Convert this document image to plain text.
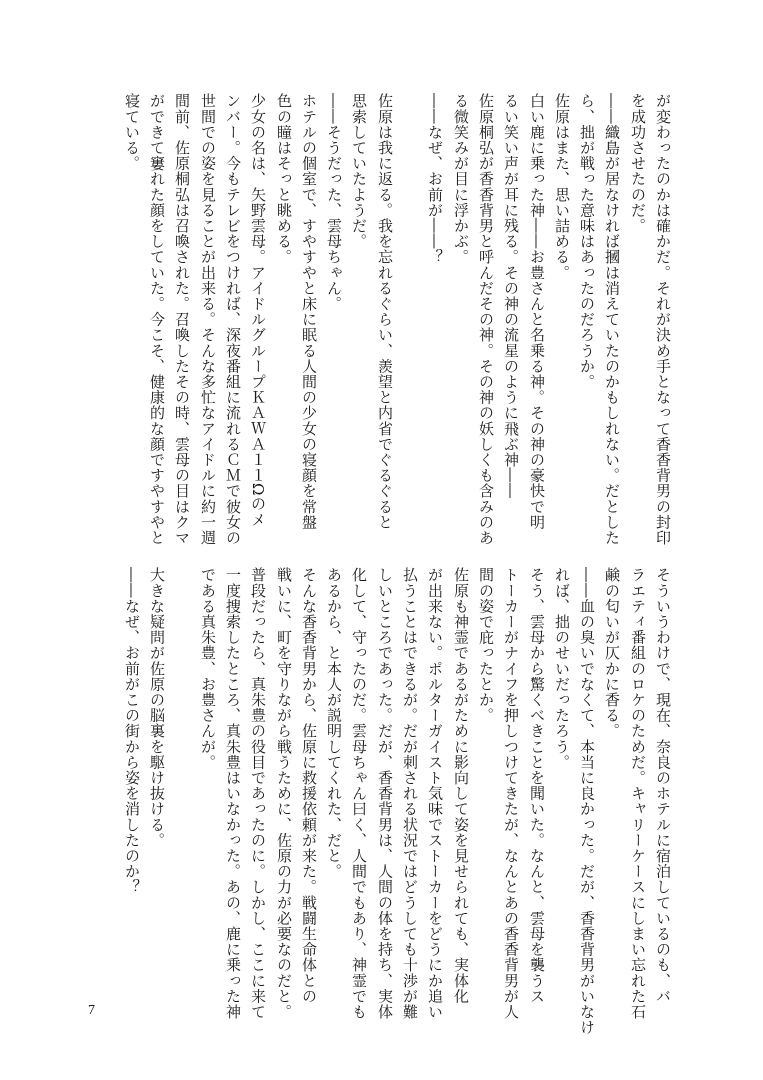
7
が変わったのかは確かだ。それが決め手となって香香背男の封印
を成功させたのだ。
――織島が居なければ摑は消えていたのかもしれない。だとした
ら、拙が戦った意味はあったのだろうか。
佐原はまた、思い詰める。
白い鹿に乗った神――お豊さんと名乗る神。その神の豪快で明
るい笑い声が耳に残る。その神の流星のように飛ぶ神――
佐原桐弘が香香背男と呼んだその神。その神の妖しくも含みのあ
る微笑みが目に浮かぶ。
――なぜ、お前が――？
佐原は我に返る。我を忘れるぐらい、羨望と内省でぐるぐると
思索していたようだ。
――そうだった、雲母ちゃん。
ホテルの個室で、すやすやと床に眠る人間の少女の寝顔を常盤
色の瞳はそっと眺める。
少女の名は、矢野雲母。アイドルグループＫＡＷＡ１１Ωのメ
ンバー。今もテレビをつければ、深夜番組に流れるＣＭで彼女の
世間での姿を見ることが出来る。そんな多忙なアイドルに約一週
間前、佐原桐弘は召喚された。召喚したその時、雲母の目はクマ
ができて窶れた顔をしていた。今こそ、健康的な顔ですやすやと
寝ている。
そういうわけで、現在、奈良のホテルに宿泊しているのも、バ
ラエティ番組のロケのためだ。キャリーケースにしまい忘れた石
鹸の匂いが仄かに香る。
――血の臭いでなくて、本当に良かった。だが、香香背男がいなけ
れば、拙のせいだったろう。
そう、雲母から驚くべきことを聞いた。なんと、雲母を襲うス
トーカーがナイフを押しつけてきたが、なんとあの香香背男が人
間の姿で庇ったとか。
佐原も神霊であるがために影向して姿を見せられても、実体化
が出来ない。ポルターガイスト気味でストーカーをどうにか追い
払うことはできるが。だが刺される状況ではどうしても十渉が難
しいところであった。だが、香香背男は、人間の体を持ち、実体
化して、守ったのだ。雲母ちゃん曰く、人間でもあり、神霊でも
あるから、と本人が説明してくれた、だと。
そんな香香背男から、佐原に救援依頼が来た。戦闘生命体との
戦いに、町を守りながら戦うために、佐原の力が必要なのだと。
普段だったら、真朱豊の役目であったのに。しかし、ここに来て
一度捜索したところ、真朱豊はいなかった。あの、鹿に乗った神
である真朱豊、お豊さんが。
大きな疑問が佐原の脳裏を駆け抜ける。
――なぜ、お前がこの街から姿を消したのか？
